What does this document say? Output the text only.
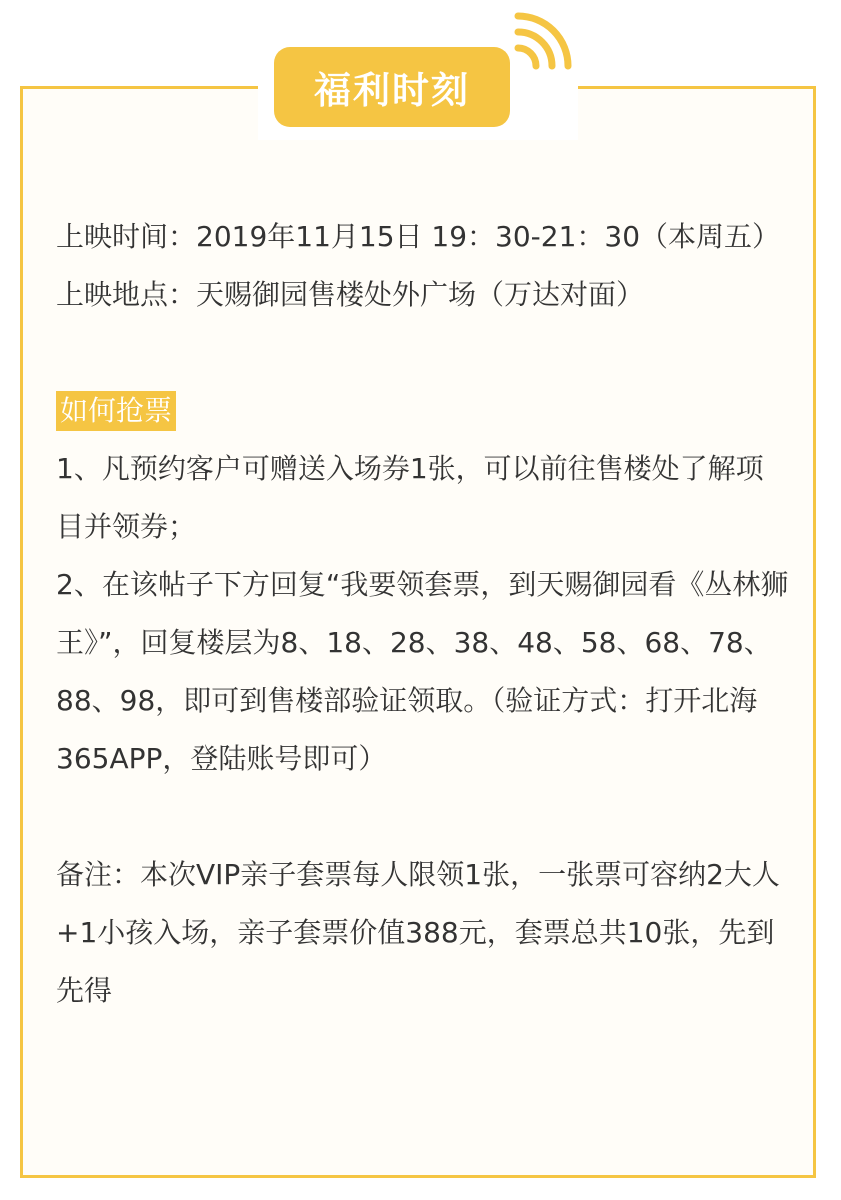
福利时刻

上映时间：2019年11月15日 19：30-21：30（本周五）

上映地点：天赐御园售楼处外广场（万达对面）

如何抢票

1、凡预约客户可赠送入场券1张，可以前往售楼处了解项目并领券；

2、在该帖子下方回复“我要领套票，到天赐御园看《丛林狮王》”，回复楼层为8、18、28、38、48、58、68、78、88、98，即可到售楼部验证领取。（验证方式：打开北海365APP，登陆账号即可）

备注：本次VIP亲子套票每人限领1张，一张票可容纳2大人+1小孩入场，亲子套票价值388元，套票总共10张，先到先得
